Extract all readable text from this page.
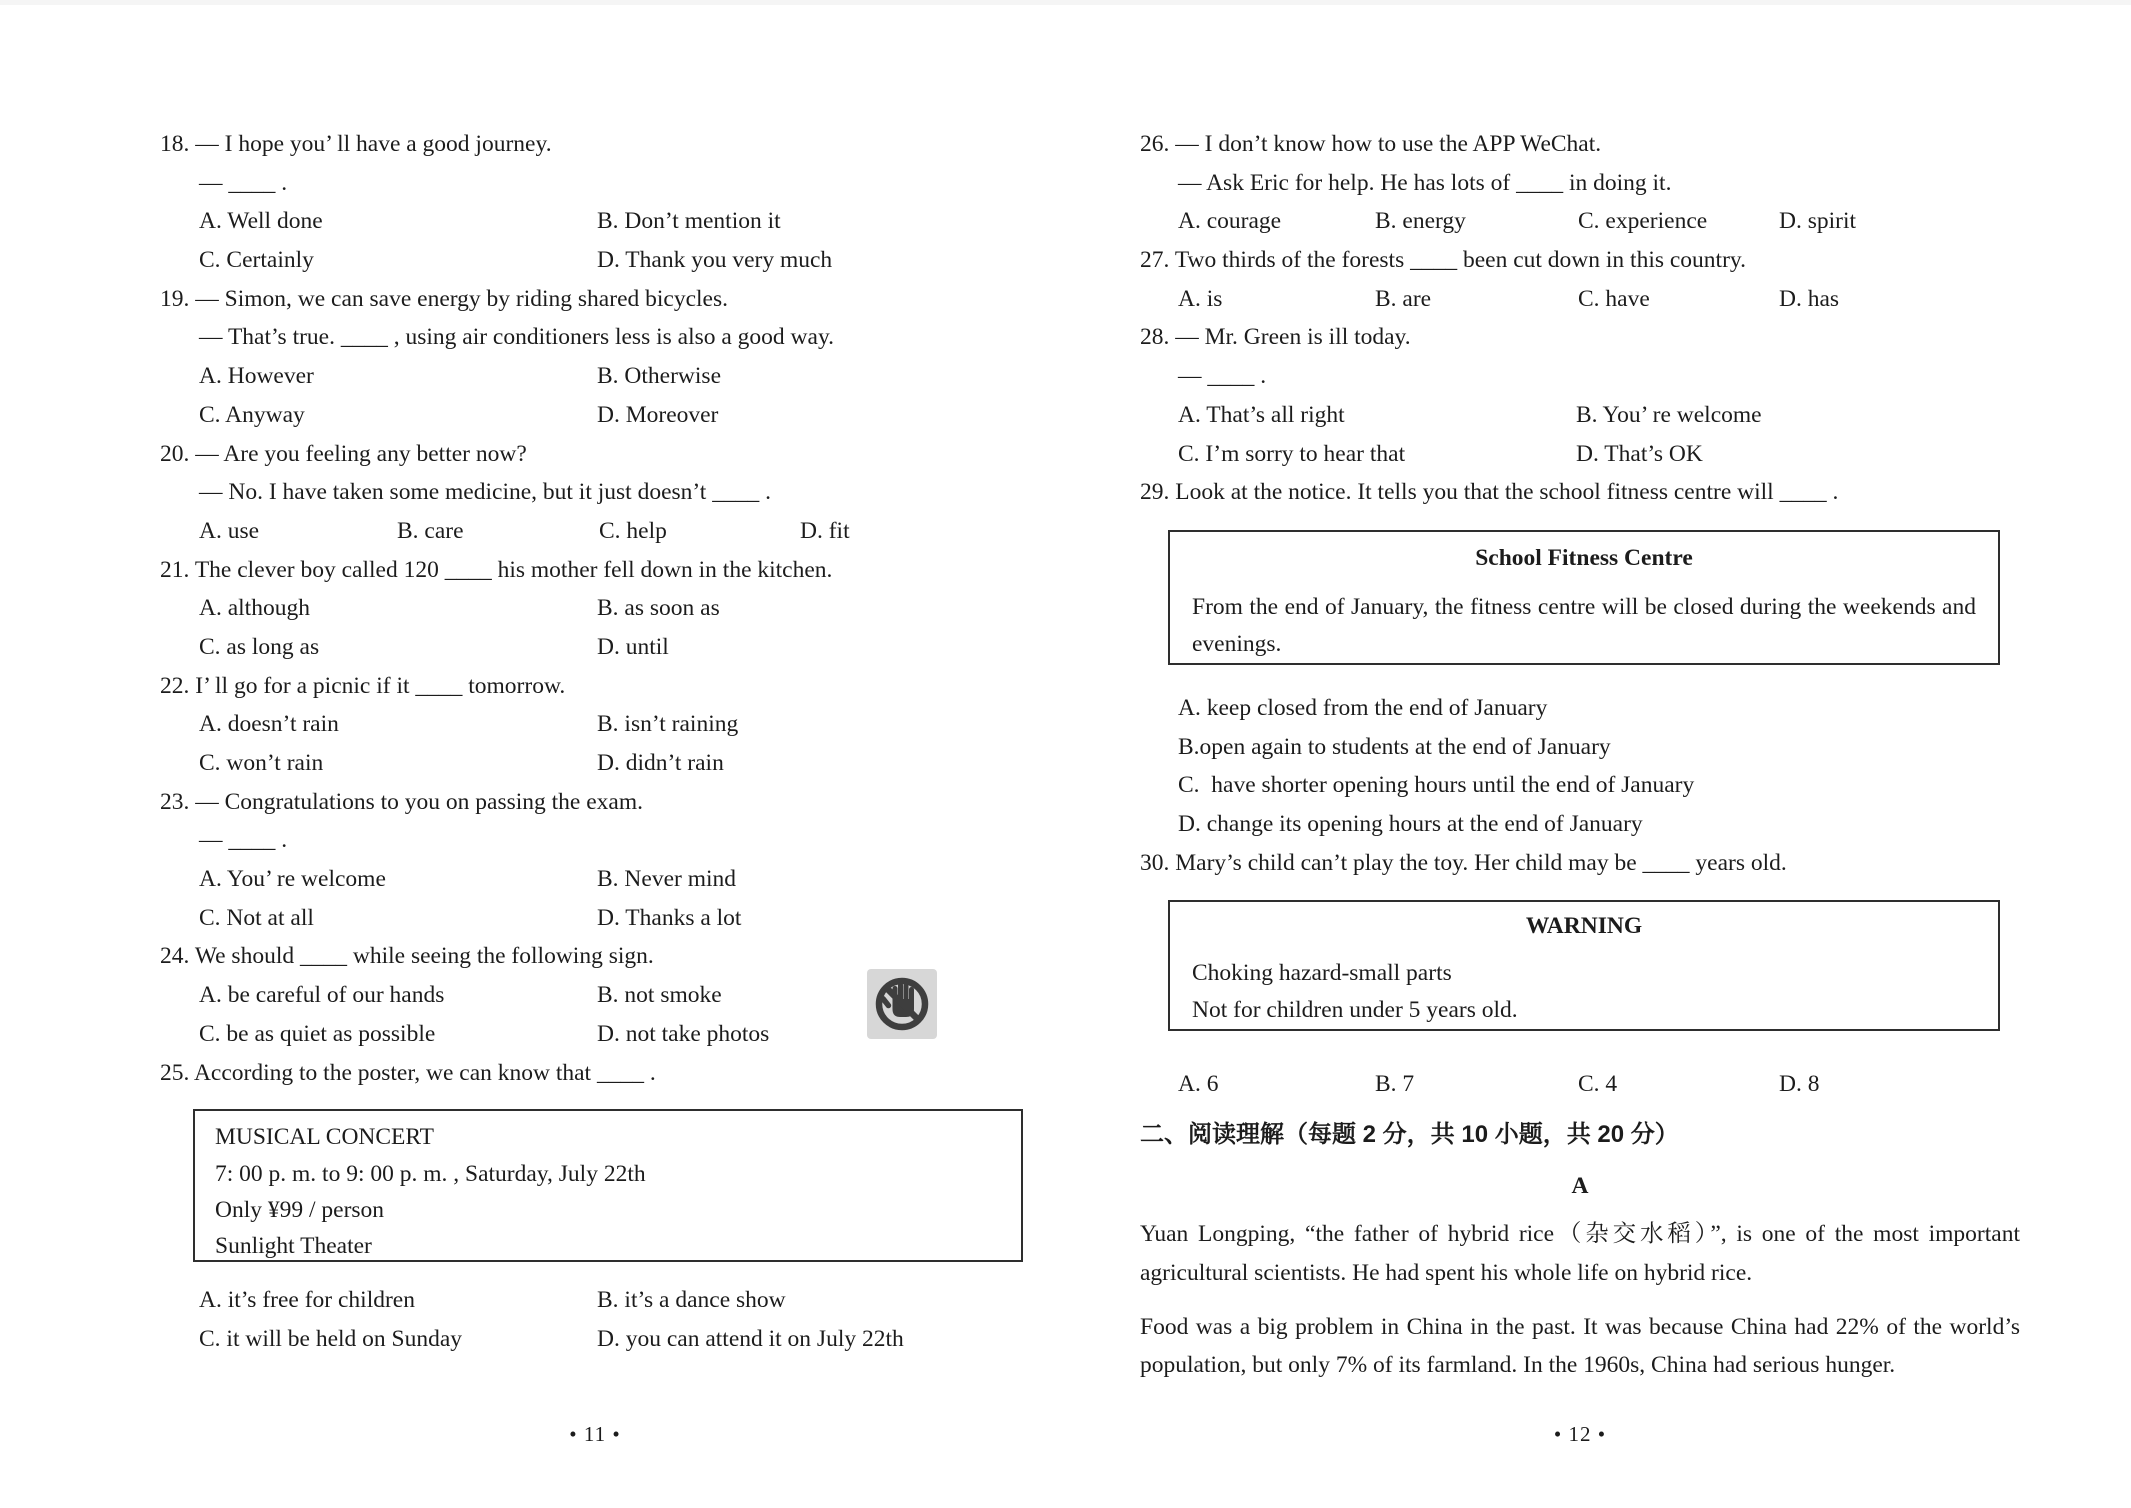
18. — I hope you’ ll have a good journey.
— ____ .
A. Well done	B. Don’t mention it
C. Certainly	D. Thank you very much
19. — Simon, we can save energy by riding shared bicycles.
— That’s true. ____ , using air conditioners less is also a good way.
A. However	B. Otherwise
C. Anyway	D. Moreover
20. — Are you feeling any better now?
— No. I have taken some medicine, but it just doesn’t ____ .
A. use	B. care	C. help	D. fit
21. The clever boy called 120 ____ his mother fell down in the kitchen.
A. although	B. as soon as
C. as long as	D. until
22. I’ ll go for a picnic if it ____ tomorrow.
A. doesn’t rain	B. isn’t raining
C. won’t rain	D. didn’t rain
23. — Congratulations to you on passing the exam.
— ____ .
A. You’ re welcome	B. Never mind
C. Not at all	D. Thanks a lot
24. We should ____ while seeing the following sign.
A. be careful of our hands	B. not smoke
C. be as quiet as possible	D. not take photos
25. According to the poster, we can know that ____ .
MUSICAL CONCERT
7: 00 p. m. to 9: 00 p. m. , Saturday, July 22th
Only ¥99 / person
Sunlight Theater
A. it’s free for children	B. it’s a dance show
C. it will be held on Sunday	D. you can attend it on July 22th
• 11 •
26. — I don’t know how to use the APP WeChat.
— Ask Eric for help. He has lots of ____ in doing it.
A. courage	B. energy	C. experience	D. spirit
27. Two thirds of the forests ____ been cut down in this country.
A. is	B. are	C. have	D. has
28. — Mr. Green is ill today.
— ____ .
A. That’s all right	B. You’ re welcome
C. I’m sorry to hear that	D. That’s OK
29. Look at the notice. It tells you that the school fitness centre will ____ .
School Fitness Centre
From the end of January, the fitness centre will be closed during the weekends and evenings.
A. keep closed from the end of January
B.open again to students at the end of January
C.  have shorter opening hours until the end of January
D. change its opening hours at the end of January
30. Mary’s child can’t play the toy. Her child may be ____ years old.
WARNING
Choking hazard-small parts
Not for children under 5 years old.
A. 6	B. 7	C. 4	D. 8
二、阅读理解（每题 2 分，共 10 小题，共 20 分）
A
Yuan Longping, “the father of hybrid rice（杂交水稻）”, is one of the most important agricultural scientists. He had spent his whole life on hybrid rice.
Food was a big problem in China in the past. It was because China had 22% of the world’s population, but only 7% of its farmland. In the 1960s, China had serious hunger.
• 12 •
